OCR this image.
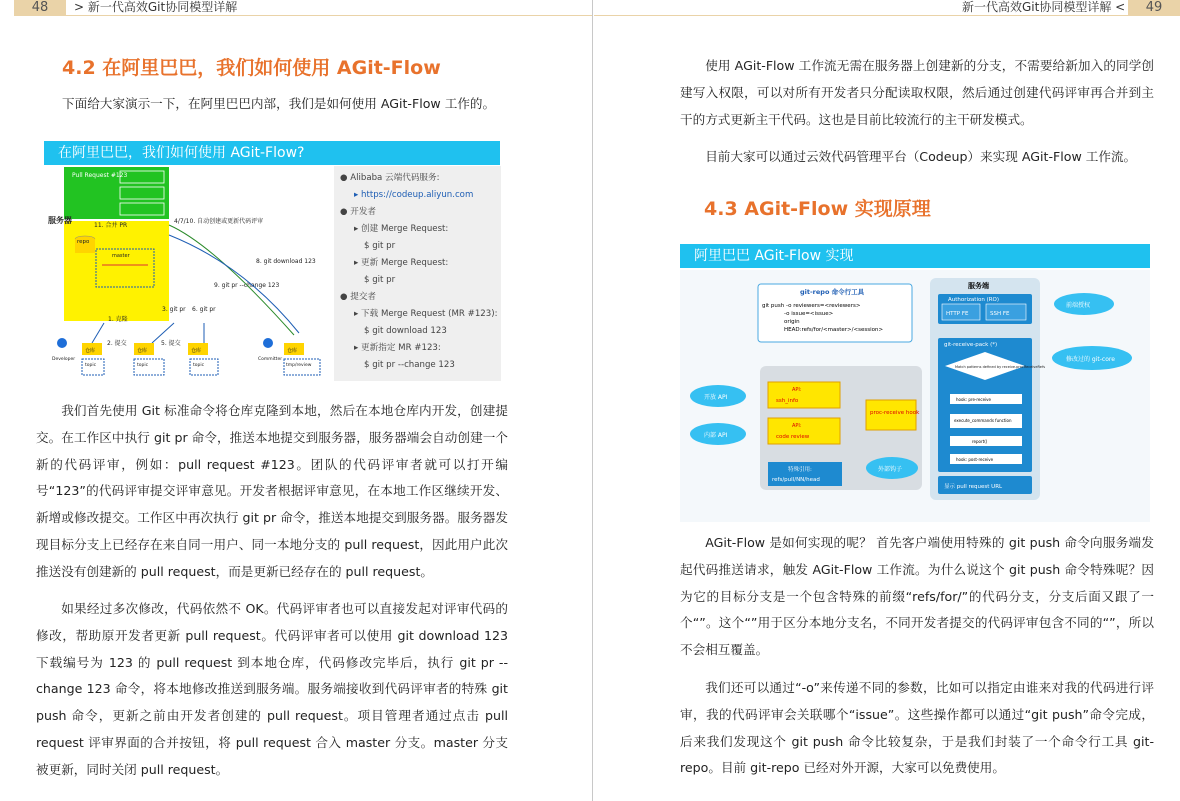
48	> 新一代高效Git协同模型详解	新一代高效Git协同模型详解 <	49
4.2 在阿里巴巴，我们如何使用 AGit-Flow
下面给大家演示一下，在阿里巴巴内部，我们是如何使用 AGit-Flow 工作的。
在阿里巴巴，我们如何使用 AGit-Flow?
Pull Request #123
服务器
11. 合并 PR
repo
master
4/7/10. 自动创建或更新代码评审
8. git download 123
9. git pr --change 123
3. git pr 6. git pr
1. 克隆
2. 提交	5. 提交
Developer	Committer
仓库	仓库	仓库	仓库
topic	topic	topic	tmp/review
● Alibaba 云端代码服务:
▸ https://codeup.aliyun.com
● 开发者
▸ 创建 Merge Request:
$ git pr
▸ 更新 Merge Request:
$ git pr
● 提交者
▸ 下载 Merge Request (MR #123):
$ git download 123
▸ 更新指定 MR #123:
$ git pr --change 123
我们首先使用 Git 标准命令将仓库克隆到本地，然后在本地仓库内开发，创建提交。在工作区中执行 git pr 命令，推送本地提交到服务器，服务器端会自动创建一个新的代码评审，例如：pull request #123。团队的代码评审者就可以打开编号“123”的代码评审提交评审意见。开发者根据评审意见，在本地工作区继续开发、新增或修改提交。工作区中再次执行 git pr 命令，推送本地提交到服务器。服务器发现目标分支上已经存在来自同一用户、同一本地分支的 pull request，因此用户此次推送没有创建新的 pull request，而是更新已经存在的 pull request。
如果经过多次修改，代码依然不 OK。代码评审者也可以直接发起对评审代码的修改，帮助原开发者更新 pull request。代码评审者可以使用 git download 123 下载编号为 123 的 pull request 到本地仓库，代码修改完毕后，执行 git pr --change 123 命令，将本地修改推送到服务端。服务端接收到代码评审者的特殊 git push 命令，更新之前由开发者创建的 pull request。项目管理者通过点击 pull request 评审界面的合并按钮，将 pull request 合入 master 分支。master 分支被更新，同时关闭 pull request。
使用 AGit-Flow 工作流无需在服务器上创建新的分支，不需要给新加入的同学创建写入权限，可以对所有开发者只分配读取权限，然后通过创建代码评审再合并到主干的方式更新主干代码。这也是目前比较流行的主干研发模式。
目前大家可以通过云效代码管理平台（Codeup）来实现 AGit-Flow 工作流。
4.3 AGit-Flow 实现原理
阿里巴巴 AGit-Flow 实现
git-repo 命令行工具
git push -o reviewers=<reviewers>
-o issue=<issue>
origin
HEAD:refs/for/<master>/<session>
服务端
Authorization (RO)
HTTP FE	SSH FE
git-receive-pack (*)
Match patterns defined by receive.procReceiveRefs
hook: pre-receive
execute_commands function
report()
hook: post-receive
显示 pull request URL
API:
ssh_info
API:
code review
proc-receive hook
特殊引用:
refs/pull/NN/head
开放 API
内部 API
外部钩子
前端授权
修改过的 git-core
AGit-Flow 是如何实现的呢？ 首先客户端使用特殊的 git push 命令向服务端发起代码推送请求，触发 AGit-Flow 工作流。为什么说这个 git push 命令特殊呢？因为它的目标分支是一个包含特殊的前缀“refs/for/”的代码分支，分支后面又跟了一个“”。这个“”用于区分本地分支名，不同开发者提交的代码评审包含不同的“”，所以不会相互覆盖。
我们还可以通过“-o”来传递不同的参数，比如可以指定由谁来对我的代码进行评审，我的代码评审会关联哪个“issue”。这些操作都可以通过“git push”命令完成，后来我们发现这个 git push 命令比较复杂，于是我们封装了一个命令行工具 git-repo。目前 git-repo 已经对外开源，大家可以免费使用。
